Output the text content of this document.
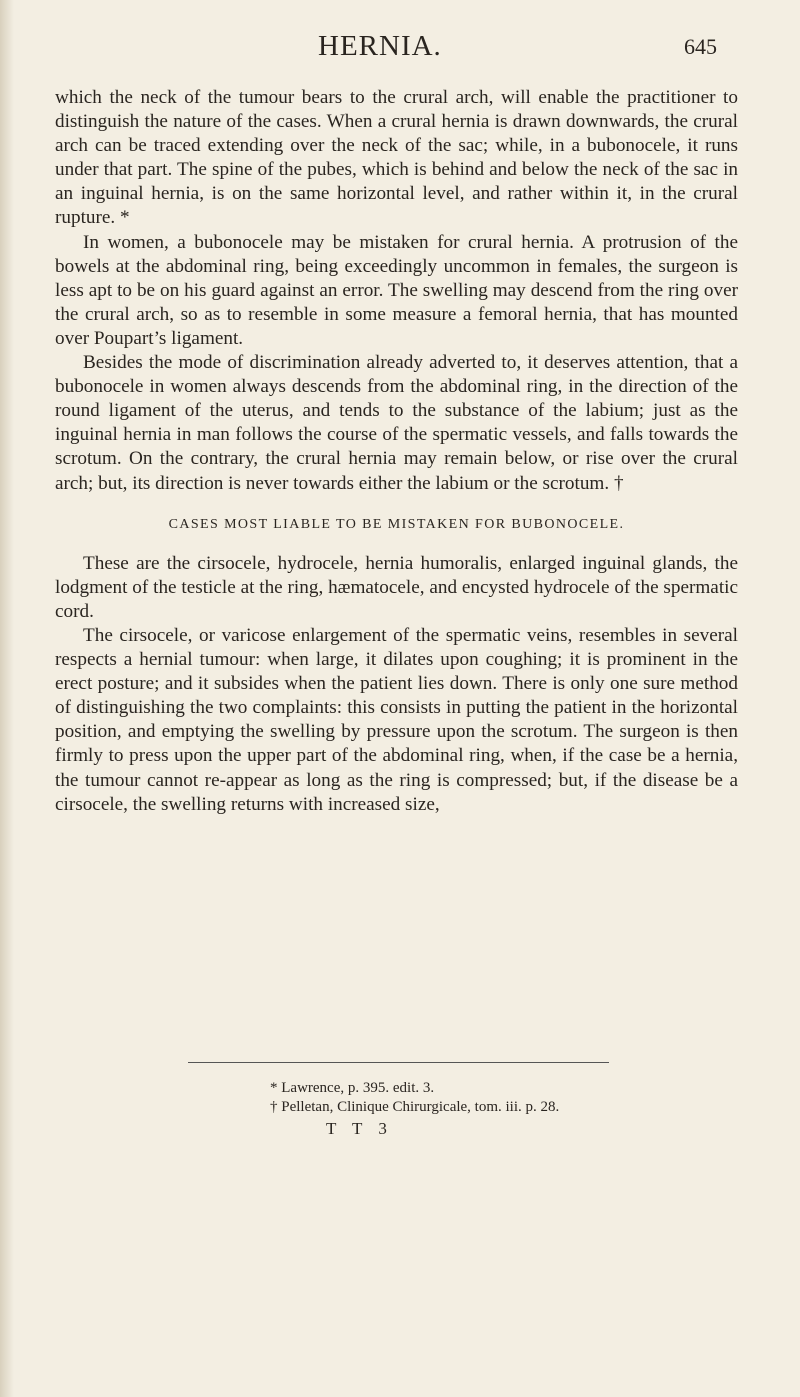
HERNIA.	645

which the neck of the tumour bears to the crural arch, will enable the practitioner to distinguish the nature of the cases. When a crural hernia is drawn downwards, the crural arch can be traced extending over the neck of the sac; while, in a bubonocele, it runs under that part. The spine of the pubes, which is behind and below the neck of the sac in an inguinal hernia, is on the same horizontal level, and rather within it, in the crural rupture. *

In women, a bubonocele may be mistaken for crural hernia. A protrusion of the bowels at the abdominal ring, being exceedingly uncommon in females, the surgeon is less apt to be on his guard against an error. The swelling may descend from the ring over the crural arch, so as to resemble in some measure a femoral hernia, that has mounted over Poupart’s ligament.

Besides the mode of discrimination already adverted to, it deserves attention, that a bubonocele in women always descends from the abdominal ring, in the direction of the round ligament of the uterus, and tends to the substance of the labium; just as the inguinal hernia in man follows the course of the spermatic vessels, and falls towards the scrotum. On the contrary, the crural hernia may remain below, or rise over the crural arch; but, its direction is never towards either the labium or the scrotum. †

CASES MOST LIABLE TO BE MISTAKEN FOR BUBONOCELE.

These are the cirsocele, hydrocele, hernia humoralis, enlarged inguinal glands, the lodgment of the testicle at the ring, hæmatocele, and encysted hydrocele of the spermatic cord.

The cirsocele, or varicose enlargement of the spermatic veins, resembles in several respects a hernial tumour: when large, it dilates upon coughing; it is prominent in the erect posture; and it subsides when the patient lies down. There is only one sure method of distinguishing the two complaints: this consists in putting the patient in the horizontal position, and emptying the swelling by pressure upon the scrotum. The surgeon is then firmly to press upon the upper part of the abdominal ring, when, if the case be a hernia, the tumour cannot re-appear as long as the ring is compressed; but, if the disease be a cirsocele, the swelling returns with increased size,

* Lawrence, p. 395. edit. 3.

† Pelletan, Clinique Chirurgicale, tom. iii. p. 28.

T T 3
